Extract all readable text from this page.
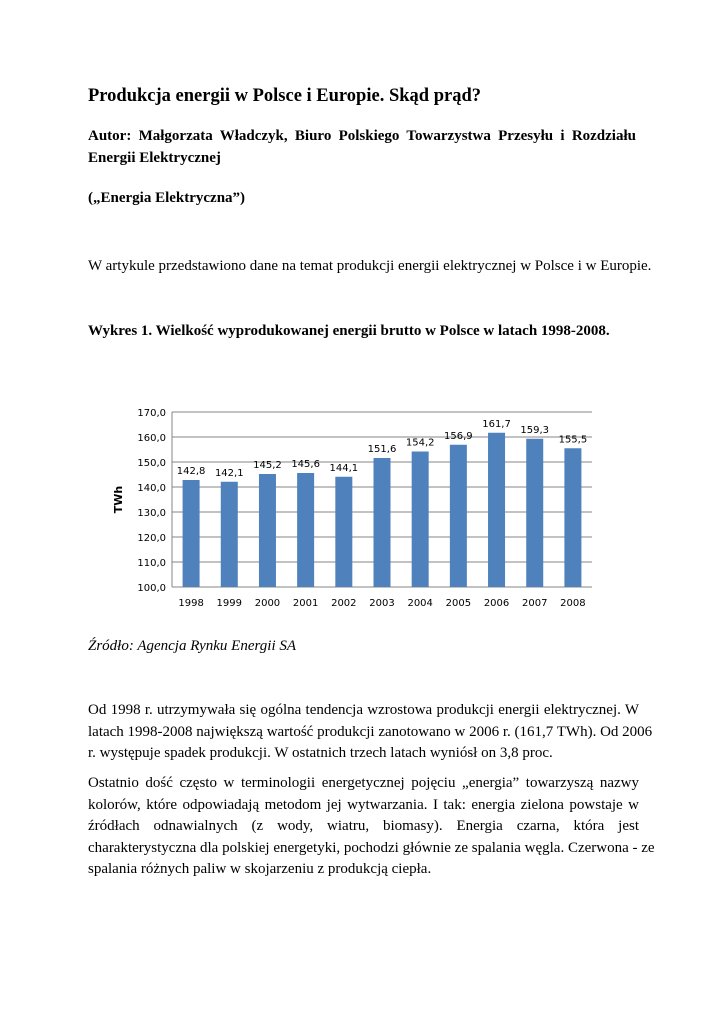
Produkcja energii w Polsce i Europie. Skąd prąd?
Autor: Małgorzata Władczyk, Biuro Polskiego Towarzystwa Przesyłu i Rozdziału
Energii Elektrycznej
(„Energia Elektryczna”)
W artykule przedstawiono dane na temat produkcji energii elektrycznej w Polsce i w Europie.
Wykres 1. Wielkość wyprodukowanej energii brutto w Polsce w latach 1998-2008.
100,0
110,0
120,0
130,0
140,0
150,0
160,0
170,0
TWh
142,8
1998
142,1
1999
145,2
2000
145,6
2001
144,1
2002
151,6
2003
154,2
2004
156,9
2005
161,7
2006
159,3
2007
155,5
2008
Źródło: Agencja Rynku Energii SA
Od 1998 r. utrzymywała się ogólna tendencja wzrostowa produkcji energii elektrycznej. W
latach 1998-2008 największą wartość produkcji zanotowano w 2006 r. (161,7 TWh). Od 2006
r. występuje spadek produkcji. W ostatnich trzech latach wyniósł on 3,8 proc.
Ostatnio dość często w terminologii energetycznej pojęciu „energia” towarzyszą nazwy
kolorów, które odpowiadają metodom jej wytwarzania. I tak: energia zielona powstaje w
źródłach odnawialnych (z wody, wiatru, biomasy). Energia czarna, która jest
charakterystyczna dla polskiej energetyki, pochodzi głównie ze spalania węgla. Czerwona - ze
spalania różnych paliw w skojarzeniu z produkcją ciepła.
